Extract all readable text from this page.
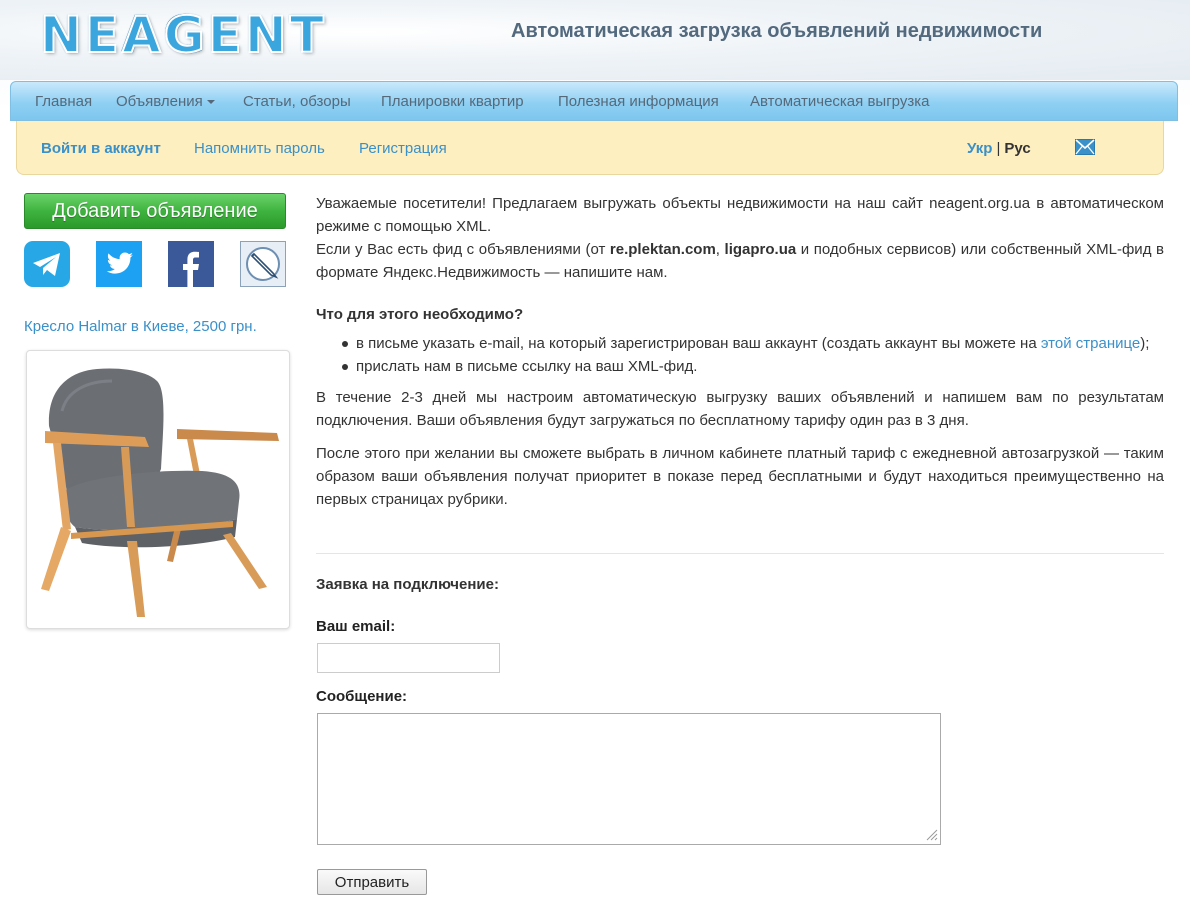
NEAGENT	Автоматическая загрузка объявлений недвижимости
Главная Объявления	Статьи, обзоры Планировки квартир Полезная информация Автоматическая выгрузка
Войти в аккаунт Напомнить пароль Регистрация	Укр | Рус
Добавить объявление
Кресло Halmar в Киеве, 2500 грн.

Уважаемые посетители! Предлагаем выгружать объекты недвижимости на наш сайт neagent.org.ua в автоматическом режиме с помощью XML.
Если у Вас есть фид с объявлениями (от re.plektan.com, ligapro.ua и подобных сервисов) или собственный XML-фид в формате Яндекс.Недвижимость — напишите нам.

Что для этого необходимо?

в письме указать e-mail, на который зарегистрирован ваш аккаунт (создать аккаунт вы можете на этой странице);
прислать нам в письме ссылку на ваш XML-фид.

В течение 2-3 дней мы настроим автоматическую выгрузку ваших объявлений и напишем вам по результатам подключения. Ваши объявления будут загружаться по бесплатному тарифу один раз в 3 дня.

После этого при желании вы сможете выбрать в личном кабинете платный тариф с ежедневной автозагрузкой — таким образом ваши объявления получат приоритет в показе перед бесплатными и будут находиться преимущественно на первых страницах рубрики.

Заявка на подключение:
Ваш email:
Сообщение:
Отправить
